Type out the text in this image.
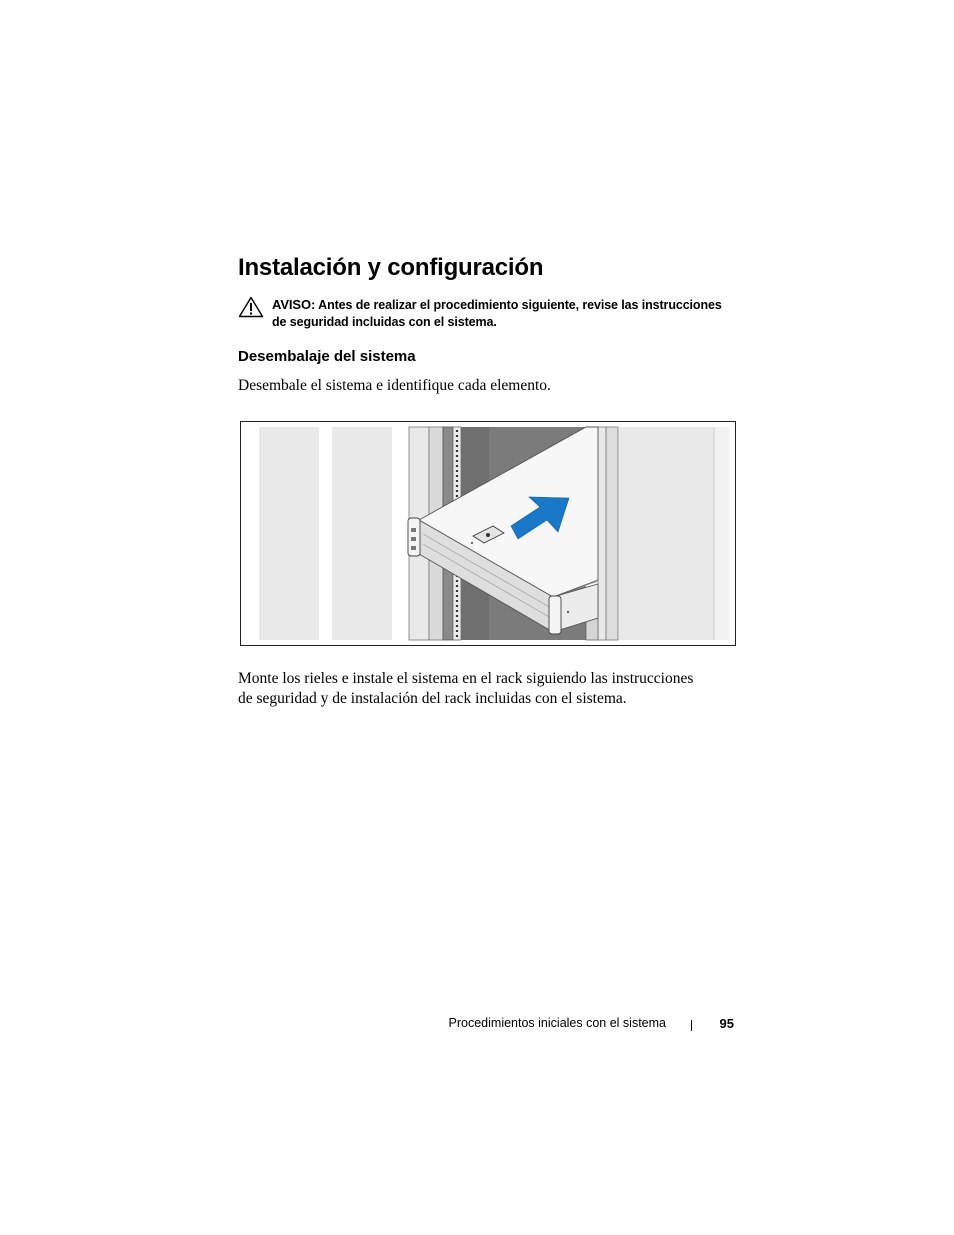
Instalación y configuración
AVISO: Antes de realizar el procedimiento siguiente, revise las instrucciones
de seguridad incluidas con el sistema.
Desembalaje del sistema

Desembale el sistema e identifique cada elemento.

Monte los rieles e instale el sistema en el rack siguiendo las instrucciones
de seguridad y de instalación del rack incluidas con el sistema.

Procedimientos iniciales con el sistema	95
